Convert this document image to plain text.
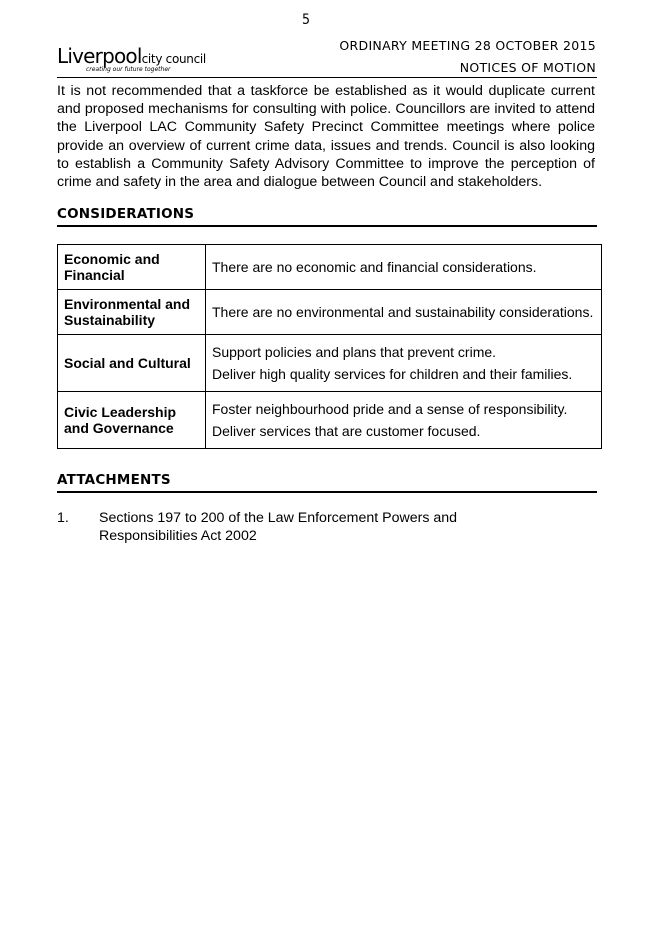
5
Liverpoolcity council
creating our future together
ORDINARY MEETING 28 OCTOBER 2015
NOTICES OF MOTION

It is not recommended that a taskforce be established as it would duplicate current and proposed mechanisms for consulting with police. Councillors are invited to attend the Liverpool LAC Community Safety Precinct Committee meetings where police provide an overview of current crime data, issues and trends. Council is also looking to establish a Community Safety Advisory Committee to improve the perception of crime and safety in the area and dialogue between Council and stakeholders.

CONSIDERATIONS
Economic and Financial	There are no economic and financial considerations.

Environmental and Sustainability	There are no environmental and sustainability considerations.

Social and Cultural	Support policies and plans that prevent crime.
Deliver high quality services for children and their families.

Civic Leadership and Governance	Foster neighbourhood pride and a sense of responsibility.
Deliver services that are customer focused.
ATTACHMENTS
1. Sections 197 to 200 of the Law Enforcement Powers and Responsibilities Act 2002
